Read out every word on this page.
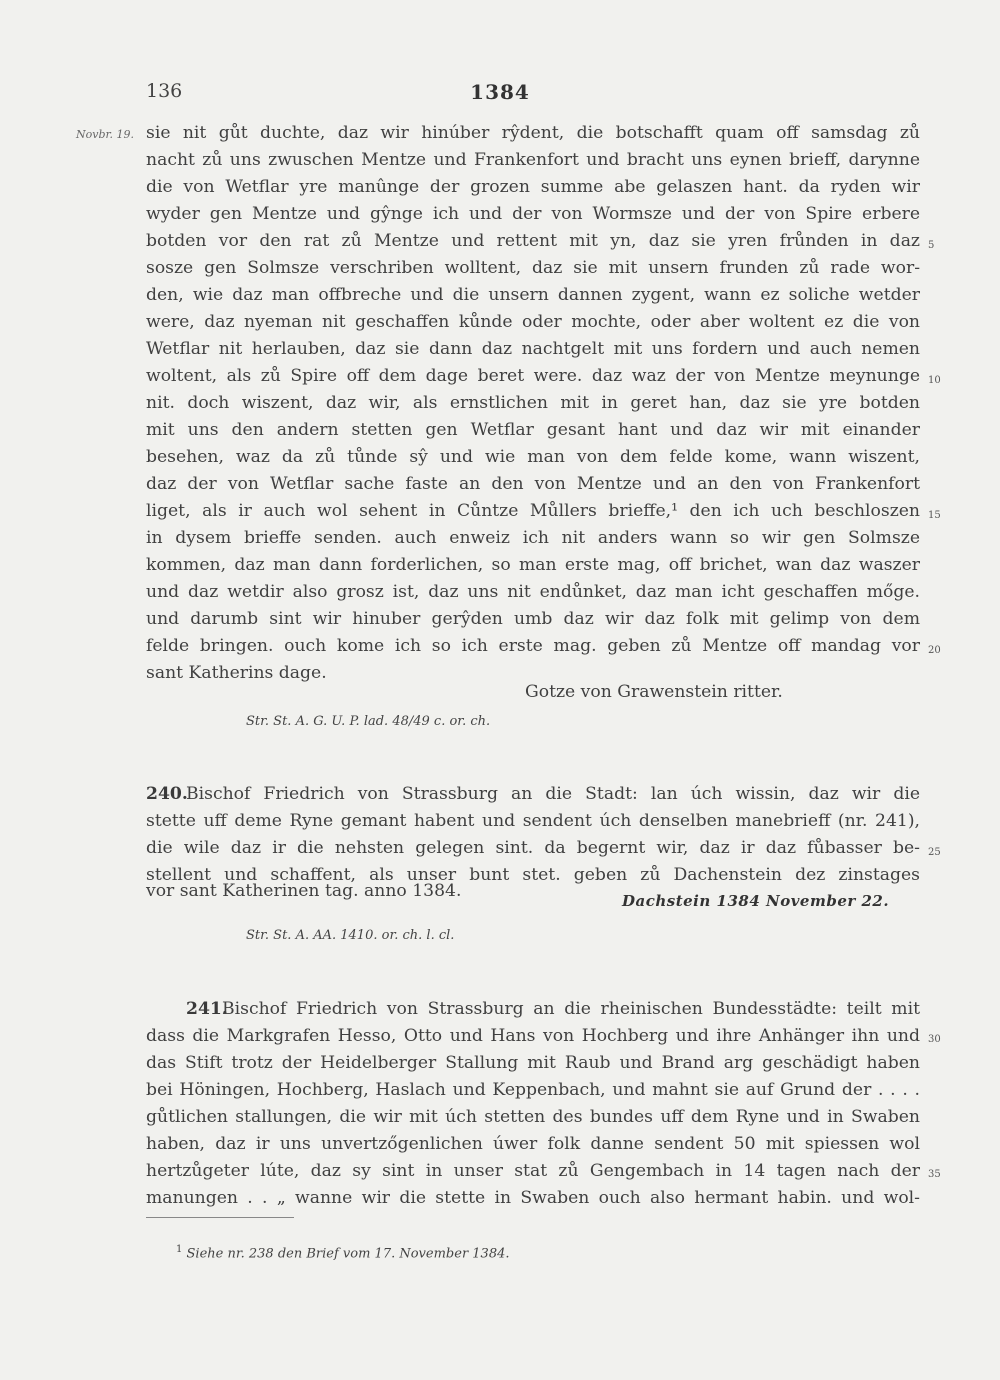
136	1384
Novbr. 19. sie nit gůt duchte, daz wir hinúber rŷdent, die botschafft quam off samsdag zů
nacht zů uns zwuschen Mentze und Frankenfort und bracht uns eynen brieff, darynne
die von Wetflar yre manûnge der grozen summe abe gelaszen hant. da ryden wir
wyder gen Mentze und gŷnge ich und der von Wormsze und der von Spire erbere
botden vor den rat zů Mentze und rettent mit yn, daz sie yren frůnden in daz
sosze gen Solmsze verschriben wolltent, daz sie mit unsern frunden zů rade wor-
den, wie daz man offbreche und die unsern dannen zygent, wann ez soliche wetder
were, daz nyeman nit geschaffen kůnde oder mochte, oder aber woltent ez die von
Wetflar nit herlauben, daz sie dann daz nachtgelt mit uns fordern und auch nemen
woltent, als zů Spire off dem dage beret were. daz waz der von Mentze meynunge
nit. doch wiszent, daz wir, als ernstlichen mit in geret han, daz sie yre botden
mit uns den andern stetten gen Wetflar gesant hant und daz wir mit einander
besehen, waz da zů tůnde sŷ und wie man von dem felde kome, wann wiszent,
daz der von Wetflar sache faste an den von Mentze und an den von Frankenfort
liget, als ir auch wol sehent in Cůntze Můllers brieffe,¹ den ich uch beschloszen
in dysem brieffe senden. auch enweiz ich nit anders wann so wir gen Solmsze
kommen, daz man dann forderlichen, so man erste mag, off brichet, wan daz waszer
und daz wetdir also grosz ist, daz uns nit endůnket, daz man icht geschaffen mőge.
und darumb sint wir hinuber gerŷden umb daz wir daz folk mit gelimp von dem
felde bringen. ouch kome ich so ich erste mag. geben zů Mentze off mandag vor
sant Katherins dage.
Gotze von Grawenstein ritter.
Str. St. A. G. U. P. lad. 48/49 c. or. ch.
Bischof Friedrich von Strassburg an die Stadt: lan úch wissin, daz wir die
240.
stette uff deme Ryne gemant habent und sendent úch denselben manebrieff (nr. 241),
die wile daz ir die nehsten gelegen sint. da begernt wir, daz ir daz fůbasser be-
stellent und schaffent, als unser bunt stet. geben zů Dachenstein dez zinstages
vor sant Katherinen tag. anno 1384.	Dachstein 1384 November 22.
Str. St. A. AA. 1410. or. ch. l. cl.
241.
Bischof Friedrich von Strassburg an die rheinischen Bundesstädte: teilt mit
dass die Markgrafen Hesso, Otto und Hans von Hochberg und ihre Anhänger ihn und
das Stift trotz der Heidelberger Stallung mit Raub und Brand arg geschädigt haben
bei Höningen, Hochberg, Haslach und Keppenbach, und mahnt sie auf Grund der . . . .
gůtlichen stallungen, die wir mit úch stetten des bundes uff dem Ryne und in Swaben
haben, daz ir uns unvertzőgenlichen úwer folk danne sendent 50 mit spiessen wol
hertzůgeter lúte, daz sy sint in unser stat zů Gengembach in 14 tagen nach der
manungen . . „ wanne wir die stette in Swaben ouch also hermant habin. und wol-
5
10
15
20
25
30
35
$^1$ Siehe nr. 238 den Brief vom 17. November 1384.
